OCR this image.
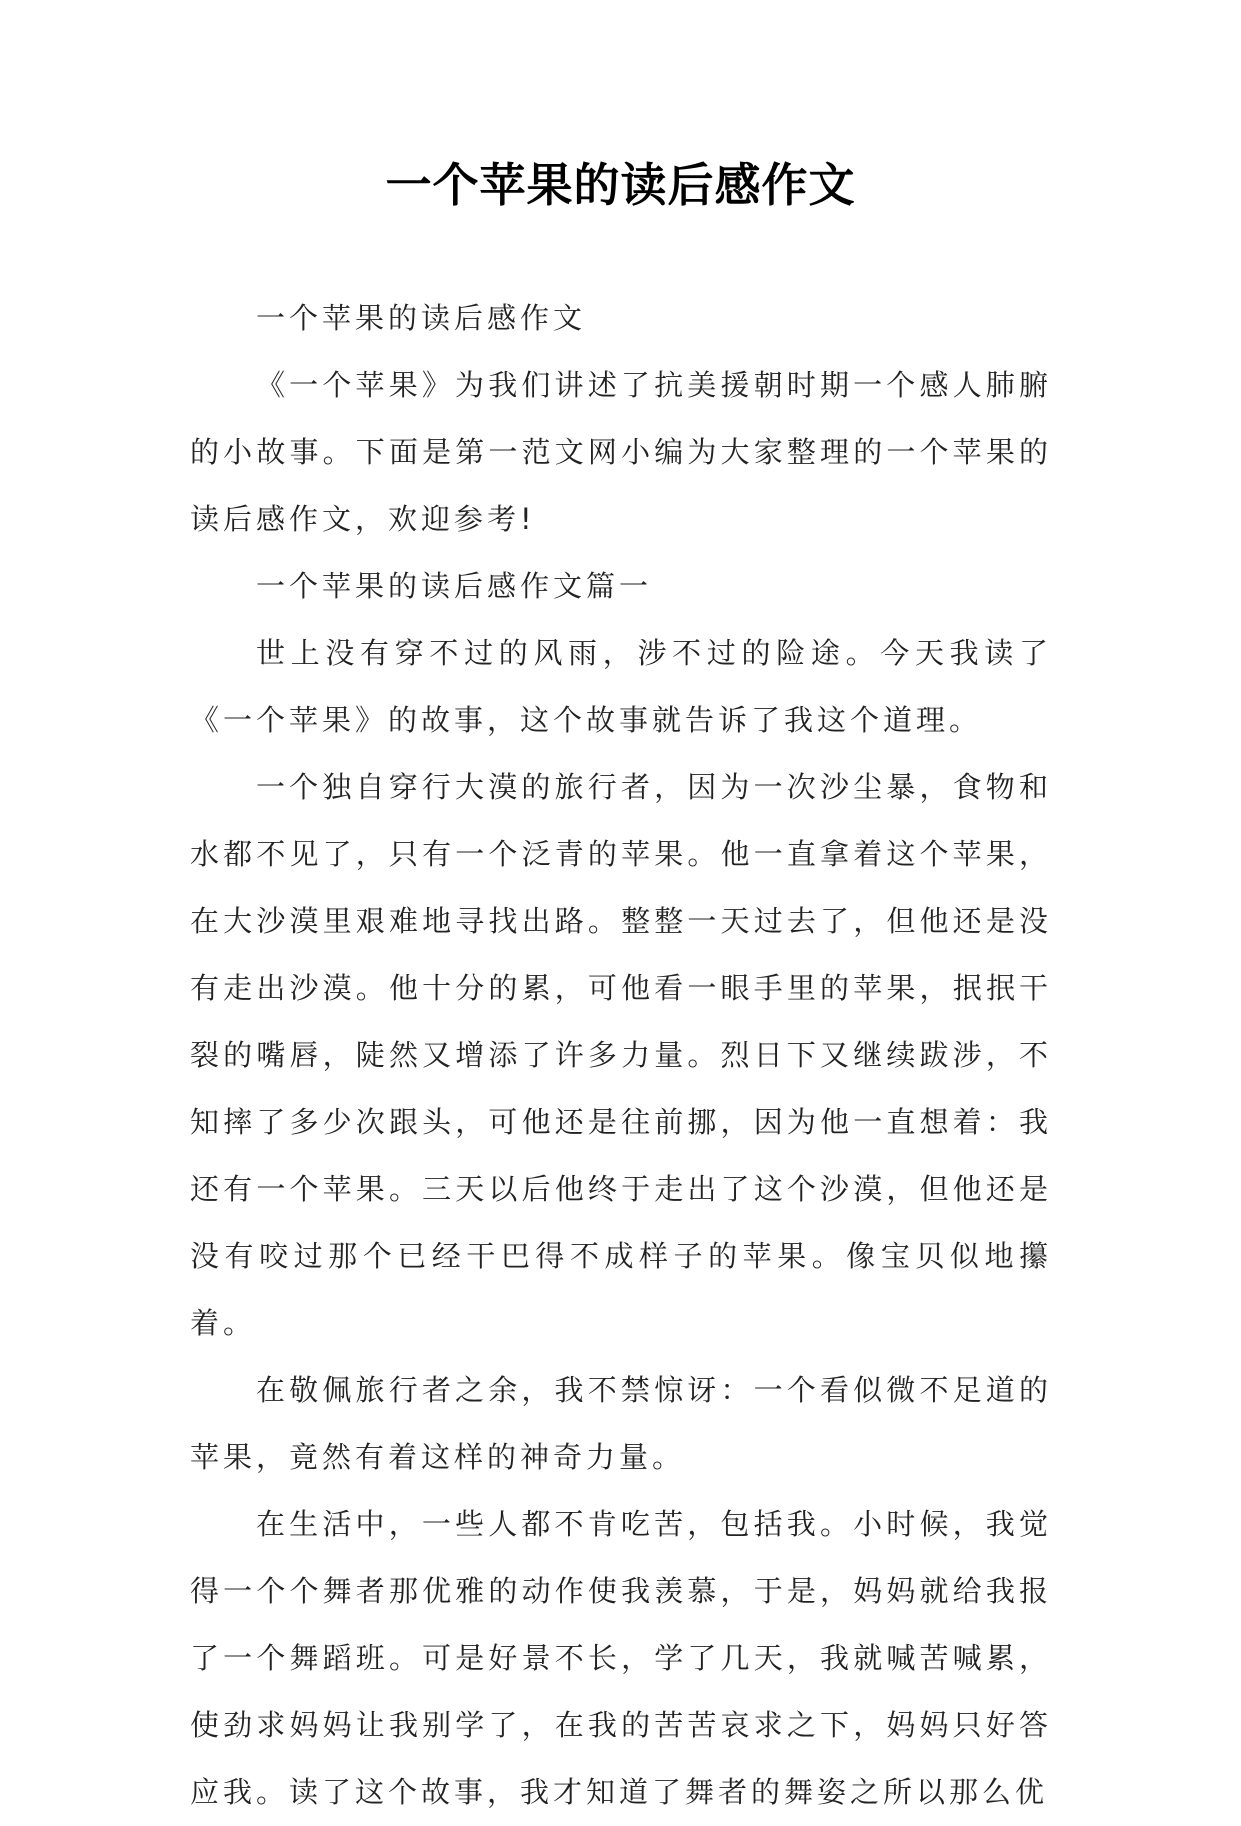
一个苹果的读后感作文

一个苹果的读后感作文

《一个苹果》为我们讲述了抗美援朝时期一个感人肺腑的小故事。下面是第一范文网小编为大家整理的一个苹果的读后感作文，欢迎参考!

一个苹果的读后感作文篇一

世上没有穿不过的风雨，涉不过的险途。今天我读了《一个苹果》的故事，这个故事就告诉了我这个道理。

一个独自穿行大漠的旅行者，因为一次沙尘暴，食物和水都不见了，只有一个泛青的苹果。他一直拿着这个苹果，在大沙漠里艰难地寻找出路。整整一天过去了，但他还是没有走出沙漠。他十分的累，可他看一眼手里的苹果，抿抿干裂的嘴唇，陡然又增添了许多力量。烈日下又继续跋涉，不知摔了多少次跟头，可他还是往前挪，因为他一直想着：我还有一个苹果。三天以后他终于走出了这个沙漠，但他还是没有咬过那个已经干巴得不成样子的苹果。像宝贝似地攥着。

在敬佩旅行者之余，我不禁惊讶：一个看似微不足道的苹果，竟然有着这样的神奇力量。

在生活中，一些人都不肯吃苦，包括我。小时候，我觉得一个个舞者那优雅的动作使我羡慕，于是，妈妈就给我报了一个舞蹈班。可是好景不长，学了几天，我就喊苦喊累，使劲求妈妈让我别学了，在我的苦苦哀求之下，妈妈只好答应我。读了这个故事，我才知道了舞者的舞姿之所以那么优
